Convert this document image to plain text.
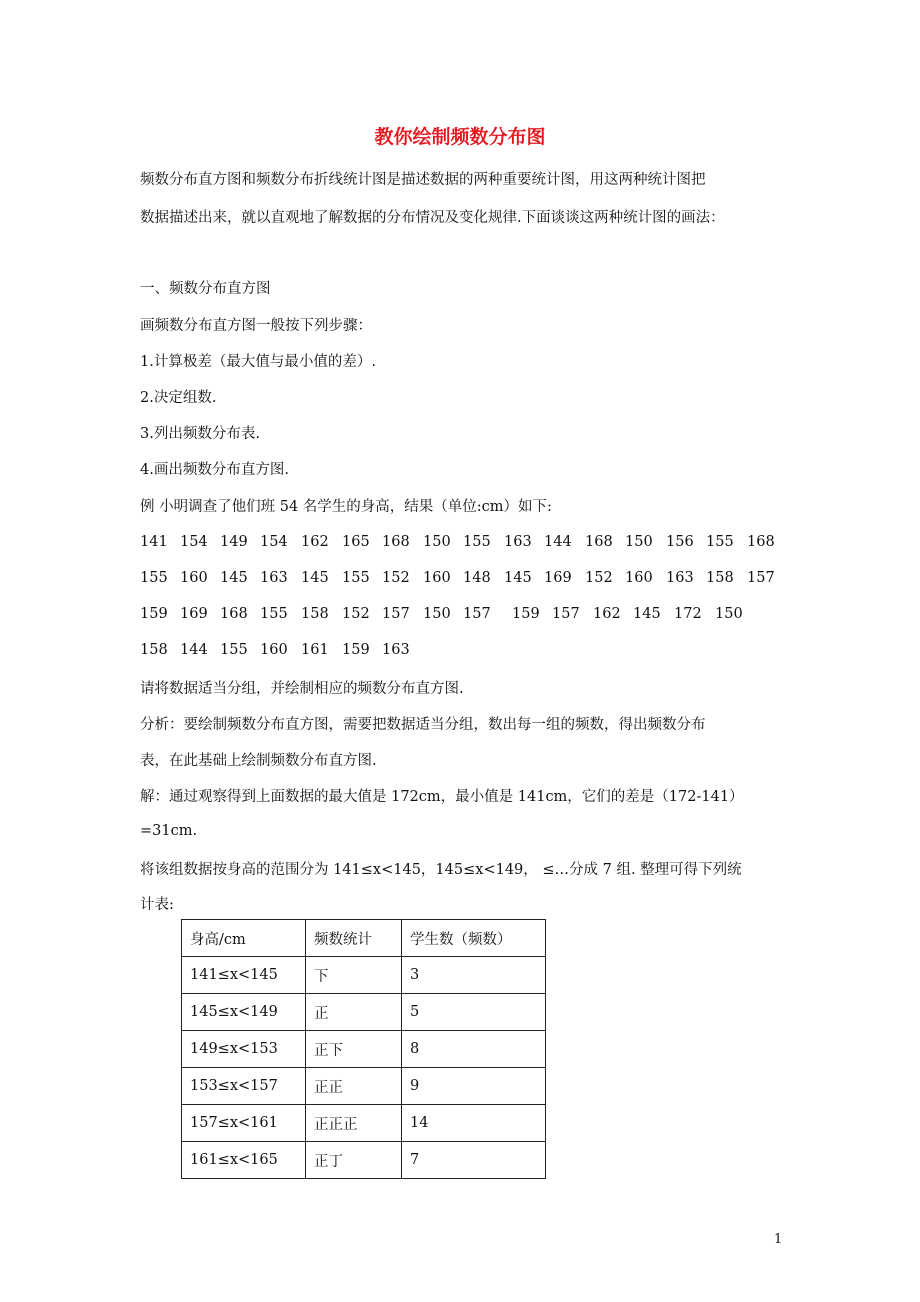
教你绘制频数分布图
频数分布直方图和频数分布折线统计图是描述数据的两种重要统计图，用这两种统计图把
数据描述出来，就以直观地了解数据的分布情况及变化规律.下面谈谈这两种统计图的画法：
一、频数分布直方图
画频数分布直方图一般按下列步骤：
1.计算极差（最大值与最小值的差）.
2.决定组数.
3.列出频数分布表.
4.画出频数分布直方图.
例 小明调查了他们班 54 名学生的身高，结果（单位:cm）如下:
141 154 149 154 162 165 168 150 155 163 144 168 150 156 155 168
155 160 145 163 145 155 152 160 148 145 169 152 160 163 158 157
159 169 168 155 158 152 157 150 157 159 157 162 145 172 150
158 144 155 160 161 159 163
请将数据适当分组，并绘制相应的频数分布直方图.
分析：要绘制频数分布直方图，需要把数据适当分组，数出每一组的频数，得出频数分布
表，在此基础上绘制频数分布直方图.
解：通过观察得到上面数据的最大值是 172cm，最小值是 141cm，它们的差是（172-141）
=31cm.
将该组数据按身高的范围分为 141≤x<145，145≤x<149， ≤…分成 7 组. 整理可得下列统
计表:
身高/cm	频数统计	学生数（频数）
141≤x<145	下	3
145≤x<149	正	5
149≤x<153	正下	8
153≤x<157	正正	9
157≤x<161	正正正	14
161≤x<165	正丁	7
1
